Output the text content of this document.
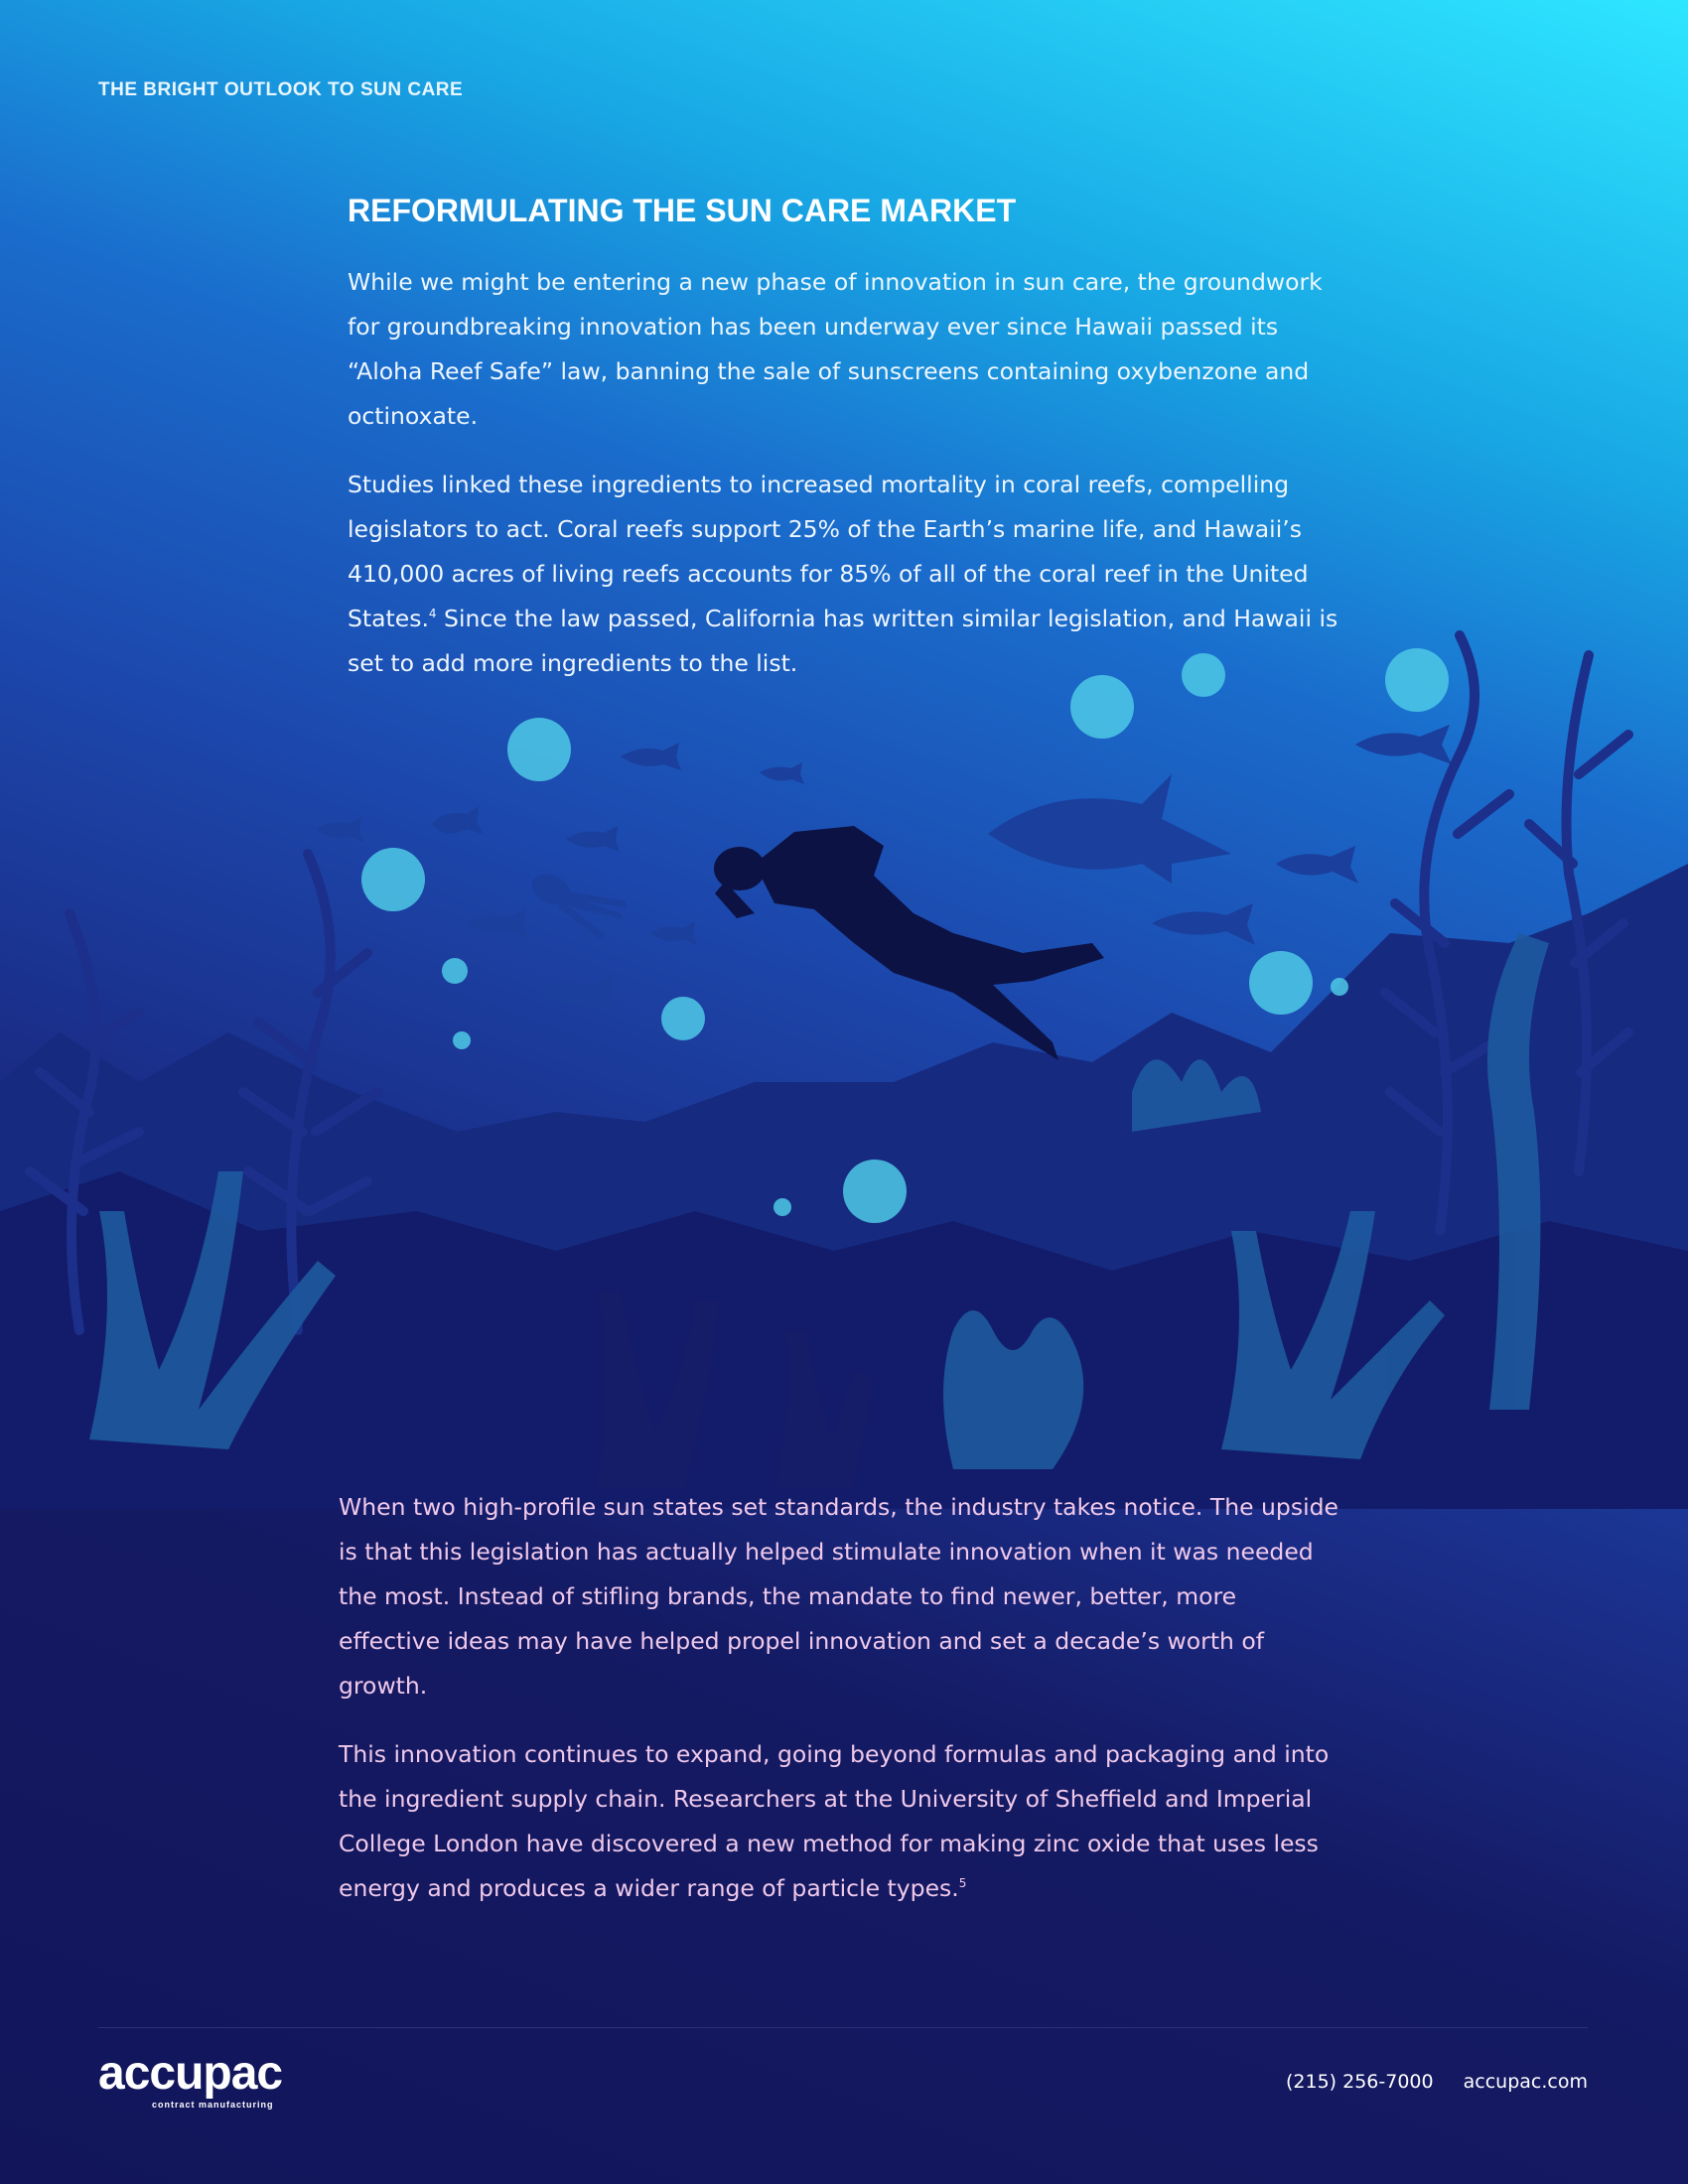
THE BRIGHT OUTLOOK TO SUN CARE
REFORMULATING THE SUN CARE MARKET

While we might be entering a new phase of innovation in sun care, the groundwork for groundbreaking innovation has been underway ever since Hawaii passed its “Aloha Reef Safe” law, banning the sale of sunscreens containing oxybenzone and octinoxate.

Studies linked these ingredients to increased mortality in coral reefs, compelling legislators to act. Coral reefs support 25% of the Earth’s marine life, and Hawaii’s 410,000 acres of living reefs accounts for 85% of all of the coral reef in the United States.$^4$ Since the law passed, California has written similar legislation, and Hawaii is set to add more ingredients to the list.

When two high-profile sun states set standards, the industry takes notice. The upside is that this legislation has actually helped stimulate innovation when it was needed the most. Instead of stifling brands, the mandate to find newer, better, more effective ideas may have helped propel innovation and set a decade’s worth of growth.

This innovation continues to expand, going beyond formulas and packaging and into the ingredient supply chain. Researchers at the University of Sheffield and Imperial College London have discovered a new method for making zinc oxide that uses less energy and produces a wider range of particle types.$^5$

accupac
contract manufacturing
(215) 256-7000 accupac.com
